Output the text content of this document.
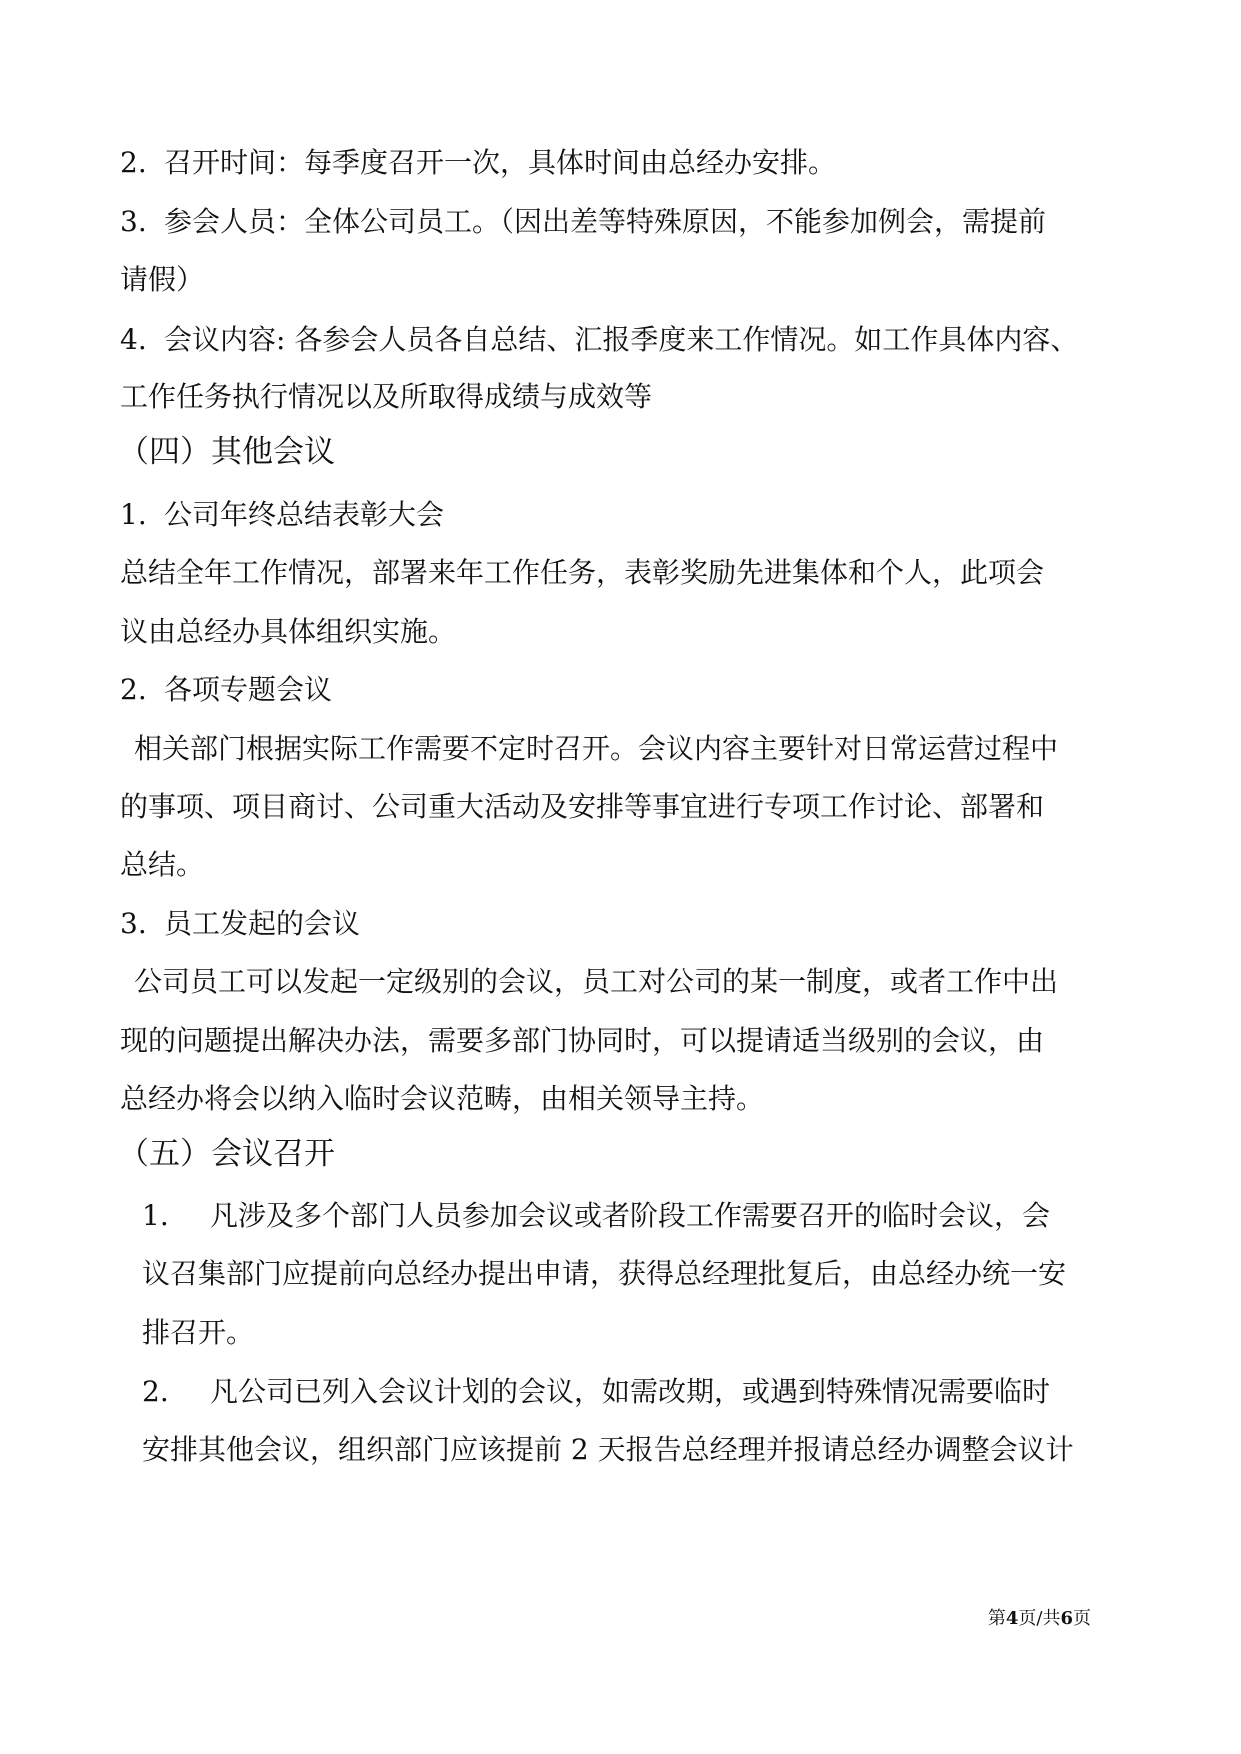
2. 召开时间：每季度召开一次，具体时间由总经办安排。
3. 参会人员：全体公司员工。（因出差等特殊原因，不能参加例会，需提前
请假）
4. 会议内容: 各参会人员各自总结、汇报季度来工作情况。如工作具体内容、
工作任务执行情况以及所取得成绩与成效等
（四）其他会议
1. 公司年终总结表彰大会
总结全年工作情况，部署来年工作任务，表彰奖励先进集体和个人，此项会
议由总经办具体组织实施。
2. 各项专题会议
相关部门根据实际工作需要不定时召开。会议内容主要针对日常运营过程中
的事项、项目商讨、公司重大活动及安排等事宜进行专项工作讨论、部署和
总结。
3. 员工发起的会议
公司员工可以发起一定级别的会议，员工对公司的某一制度，或者工作中出
现的问题提出解决办法，需要多部门协同时，可以提请适当级别的会议，由
总经办将会以纳入临时会议范畴，由相关领导主持。
（五）会议召开
1. 凡涉及多个部门人员参加会议或者阶段工作需要召开的临时会议，会
议召集部门应提前向总经办提出申请，获得总经理批复后，由总经办统一安
排召开。
2. 凡公司已列入会议计划的会议，如需改期，或遇到特殊情况需要临时
安排其他会议，组织部门应该提前 2 天报告总经理并报请总经办调整会议计
第4页/共6页
